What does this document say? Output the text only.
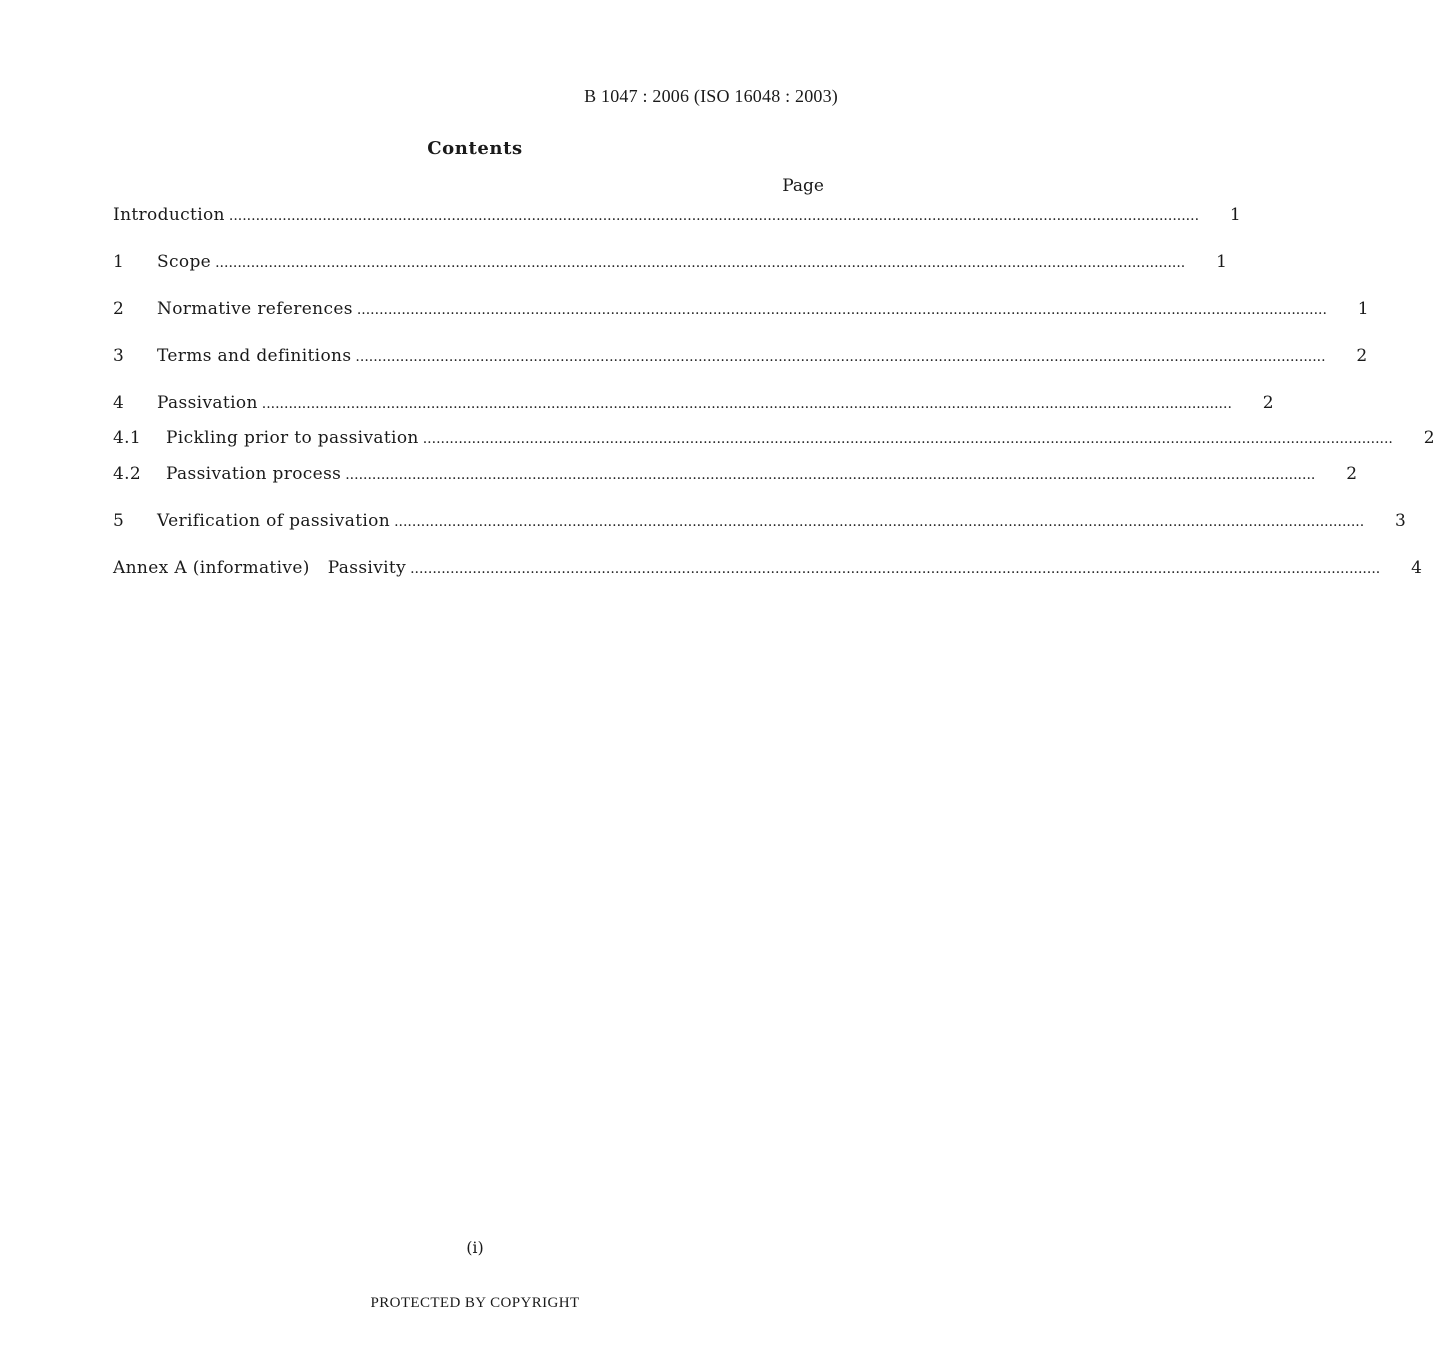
B 1047 : 2006 (ISO 16048 : 2003)
Contents
Page
Introduction ..........................................................................................................................................................................................................................	1
1	Scope ..........................................................................................................................................................................................................................	1
2	Normative references ..........................................................................................................................................................................................................................	1
3	Terms and definitions ..........................................................................................................................................................................................................................	2
4	Passivation ..........................................................................................................................................................................................................................	2
4.1	Pickling prior to passivation ..........................................................................................................................................................................................................................	2
4.2	Passivation process ..........................................................................................................................................................................................................................	2
5	Verification of passivation ..........................................................................................................................................................................................................................	3
Annex A (informative) Passivity ..........................................................................................................................................................................................................................	4
(i)
PROTECTED BY COPYRIGHT
